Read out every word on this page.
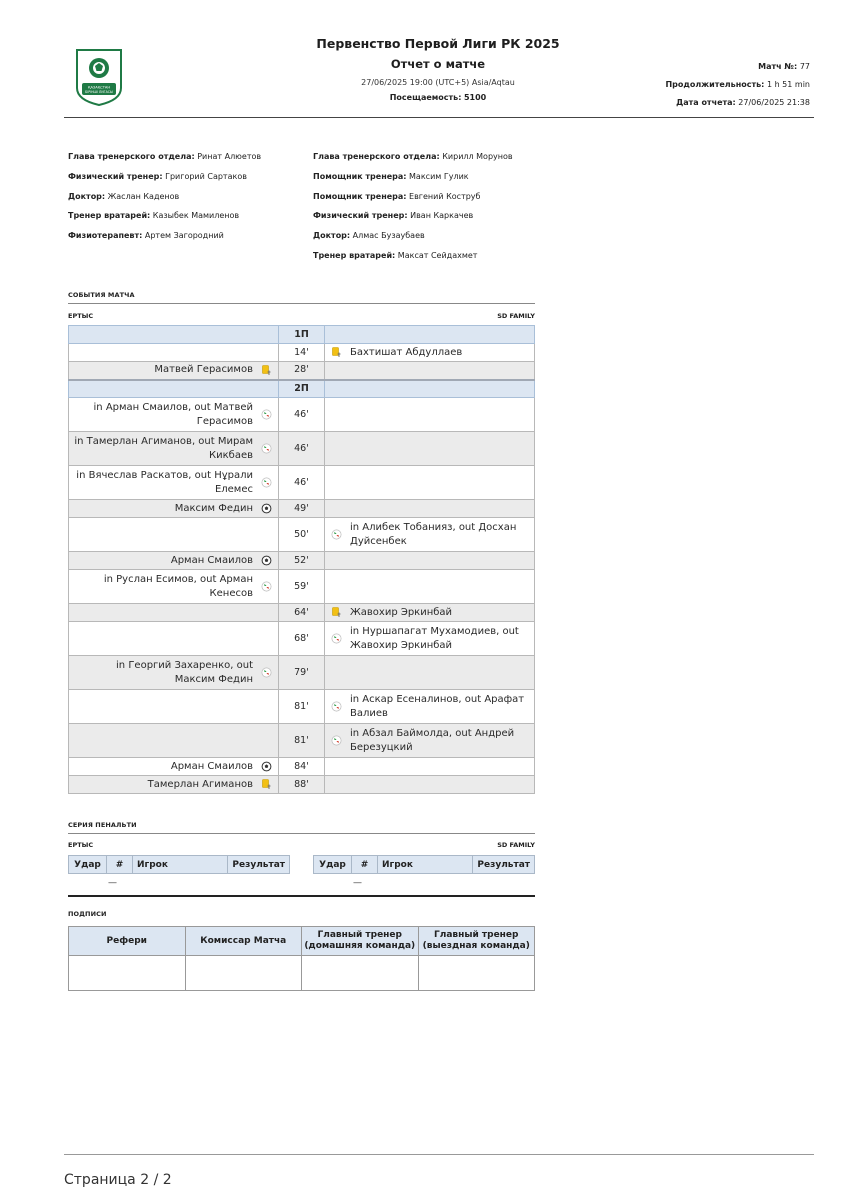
ҚАЗАҚСТАН
БІРІНШІ ЛИГАСЫ
Первенство Первой Лиги РК 2025
Отчет о матче
27/06/2025 19:00 (UTC+5) Asia/Aqtau
Посещаемость: 5100
Матч №: 77
Продолжительность: 1 h 51 min
Дата отчета: 27/06/2025 21:38
Глава тренерского отдела: Ринат Алюетов
Физический тренер: Григорий Сартаков
Доктор: Жаслан Каденов
Тренер вратарей: Казыбек Мамиленов
Физиотерапевт: Артем Загородний
Глава тренерского отдела: Кирилл Морунов
Помощник тренера: Максим Гулик
Помощник тренера: Евгений Коструб
Физический тренер: Иван Каркачев
Доктор: Алмас Бузаубаев
Тренер вратарей: Максат Сейдахмет
СОБЫТИЯ МАТЧА
ЕРТЫС	SD FAMILY
	1П	
	14'	Бахтишат Абдуллаев

Матвей Герасимов	28'	
	2П	

in Арман Смаилов, out Матвей Герасимов	46'	

in Тамерлан Агиманов, out Мирам Кикбаев	46'	

in Вячеслав Раскатов, out Нұрали Елемес	46'	

Максим Федин	49'	
	50'	in Алибек Тобанияз, out Досхан Дуйсенбек

Арман Смаилов	52'	

in Руслан Есимов, out Арман Кенесов	59'	
	64'	Жавохир Эркинбай

	68'	in Нуршапагат Мухамодиев, out Жавохир Эркинбай

in Георгий Захаренко, out Максим Федин	79'	
	81'	in Аскар Есеналинов, out Арафат Валиев

	81'	in Абзал Баймолда, out Андрей Березуцкий

Арман Смаилов	84'	

Тамерлан Агиманов	88'	
СЕРИЯ ПЕНАЛЬТИ
ЕРТЫС	SD FAMILY
Удар	#	Игрок	Результат	Удар	#	Игрок	Результат
—	—
ПОДПИСИ
Рефери	Комиссар Матча	Главный тренер (домашняя команда)	Главный тренер (выездная команда)

Страница 2 / 2
